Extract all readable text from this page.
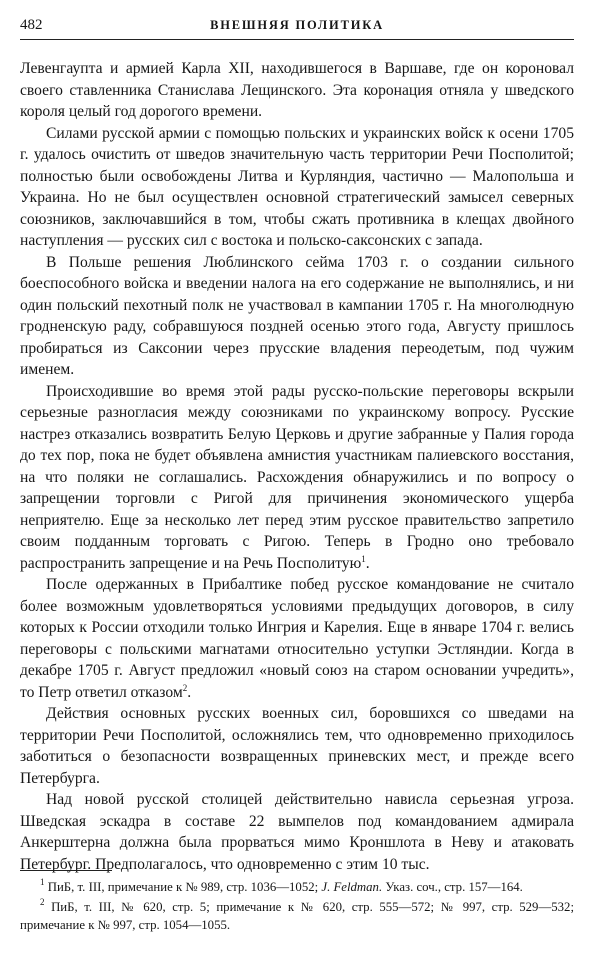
482	ВНЕШНЯЯ ПОЛИТИКА

Левенгаупта и армией Карла XII, находившегося в Варшаве, где он короновал своего ставленника Станислава Лещинского. Эта коронация отняла у шведского короля целый год дорогого времени.

Силами русской армии с помощью польских и украинских войск к осени 1705 г. удалось очистить от шведов значительную часть территории Речи Посполитой; полностью были освобождены Литва и Курляндия, частично — Малопольша и Украина. Но не был осуществлен основной стратегический замысел северных союзников, заключавшийся в том, чтобы сжать противника в клещах двойного наступления — русских сил с востока и польско-саксонских с запада.

В Польше решения Люблинского сейма 1703 г. о создании сильного боеспособного войска и введении налога на его содержание не выполнялись, и ни один польский пехотный полк не участвовал в кампании 1705 г. На многолюдную гродненскую раду, собравшуюся поздней осенью этого года, Августу пришлось пробираться из Саксонии через прусские владения переодетым, под чужим именем.

Происходившие во время этой рады русско-польские переговоры вскрыли серьезные разногласия между союзниками по украинскому вопросу. Русские настрез отказались возвратить Белую Церковь и другие забранные у Палия города до тех пор, пока не будет объявлена амнистия участникам палиевского восстания, на что поляки не соглашались. Расхождения обнаружились и по вопросу о запрещении торговли с Ригой для причинения экономического ущерба неприятелю. Еще за несколько лет перед этим русское правительство запретило своим подданным торговать с Ригою. Теперь в Гродно оно требовало распространить запрещение и на Речь Посполитую$^1$.

После одержанных в Прибалтике побед русское командование не считало более возможным удовлетворяться условиями предыдущих договоров, в силу которых к России отходили только Ингрия и Карелия. Еще в январе 1704 г. велись переговоры с польскими магнатами относительно уступки Эстляндии. Когда в декабре 1705 г. Август предложил «новый союз на старом основании учредить», то Петр ответил отказом$^2$.

Действия основных русских военных сил, боровшихся со шведами на территории Речи Посполитой, осложнялись тем, что одновременно приходилось заботиться о безопасности возвращенных приневских мест, и прежде всего Петербурга.

Над новой русской столицей действительно нависла серьезная угроза. Шведская эскадра в составе 22 вымпелов под командованием адмирала Анкерштерна должна была прорваться мимо Кроншлота в Неву и атаковать Петербург. Предполагалось, что одновременно с этим 10 тыс.

$^1$ ПиБ, т. III, примечание к № 989, стр. 1036—1052; J. Feldman. Указ. соч., стр. 157—164.

$^2$ ПиБ, т. III, № 620, стр. 5; примечание к № 620, стр. 555—572; № 997, стр. 529—532; примечание к № 997, стр. 1054—1055.
